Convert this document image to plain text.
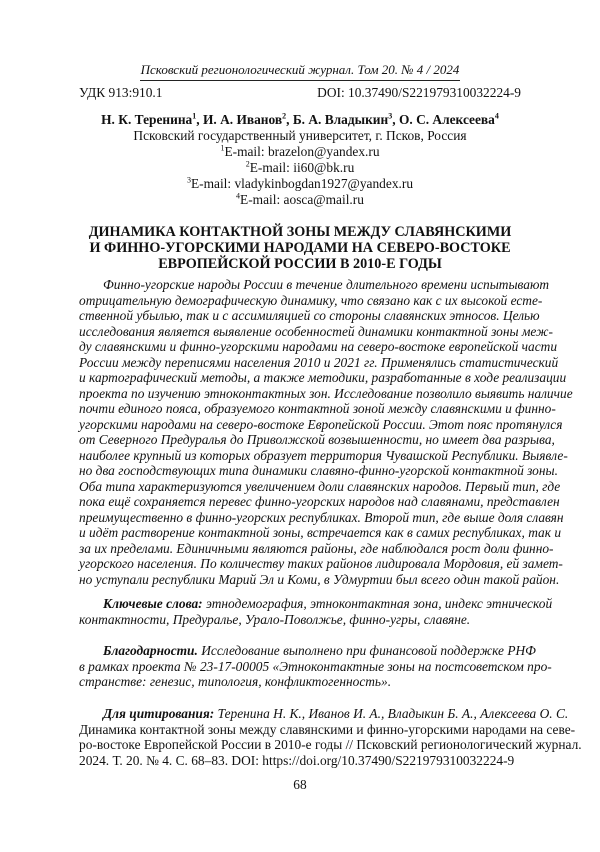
Псковский регионологический журнал. Том 20. № 4 / 2024
УДК 913:910.1	DOI: 10.37490/S221979310032224-9
Н. К. Теренина1, И. А. Иванов2, Б. А. Владыкин3, О. С. Алексеева4
Псковский государственный университет, г. Псков, Россия
1E-mail: brazelon@yandex.ru
2E-mail: ii60@bk.ru
3E-mail: vladykinbogdan1927@yandex.ru
4E-mail: aosca@mail.ru
ДИНАМИКА КОНТАКТНОЙ ЗОНЫ МЕЖДУ СЛАВЯНСКИМИ
И ФИННО-УГОРСКИМИ НАРОДАМИ НА СЕВЕРО-ВОСТОКЕ
ЕВРОПЕЙСКОЙ РОССИИ В 2010-Е ГОДЫ
Финно-угорские народы России в течение длительного времени испытывают
отрицательную демографическую динамику, что связано как с их высокой есте-
ственной убылью, так и с ассимиляцией со стороны славянских этносов. Целью
исследования является выявление особенностей динамики контактной зоны меж-
ду славянскими и финно-угорскими народами на северо-востоке европейской части
России между переписями населения 2010 и 2021 гг. Применялись статистический
и картографический методы, а также методики, разработанные в ходе реализации
проекта по изучению этноконтактных зон. Исследование позволило выявить наличие
почти единого пояса, образуемого контактной зоной между славянскими и финно-
угорскими народами на северо-востоке Европейской России. Этот пояс протянулся
от Северного Предуралья до Приволжской возвышенности, но имеет два разрыва,
наиболее крупный из которых образует территория Чувашской Республики. Выявле-
но два господствующих типа динамики славяно-финно-угорской контактной зоны.
Оба типа характеризуются увеличением доли славянских народов. Первый тип, где
пока ещё сохраняется перевес финно-угорских народов над славянами, представлен
преимущественно в финно-угорских республиках. Второй тип, где выше доля славян
и идёт растворение контактной зоны, встречается как в самих республиках, так и
за их пределами. Единичными являются районы, где наблюдался рост доли финно-
угорского населения. По количеству таких районов лидировала Мордовия, ей замет-
но уступали республики Марий Эл и Коми, в Удмуртии был всего один такой район.
Ключевые слова: этнодемография, этноконтактная зона, индекс этнической
контактности, Предуралье, Урало-Поволжье, финно-угры, славяне.
Благодарности. Исследование выполнено при финансовой поддержке РНФ
в рамках проекта № 23-17-00005 «Этноконтактные зоны на постсоветском про-
странстве: генезис, типология, конфликтогенность».
Для цитирования: Теренина Н. К., Иванов И. А., Владыкин Б. А., Алексеева О. С.
Динамика контактной зоны между славянскими и финно-угорскими народами на севе-
ро-востоке Европейской России в 2010-е годы // Псковский регионологический журнал.
2024. Т. 20. № 4. С. 68–83. DOI: https://doi.org/10.37490/S221979310032224-9
68
